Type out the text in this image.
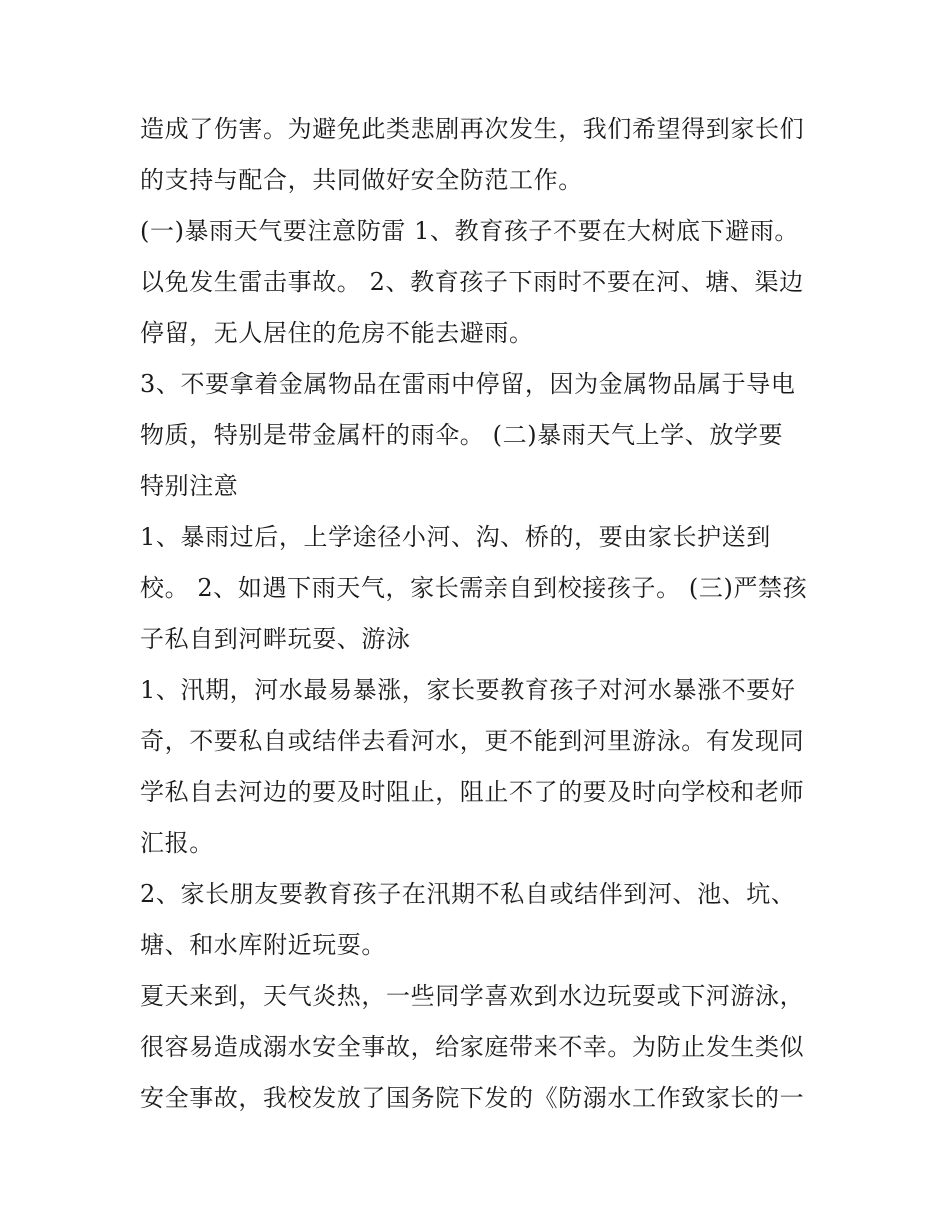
造成了伤害。为避免此类悲剧再次发生，我们希望得到家长们
的支持与配合，共同做好安全防范工作。
(一)暴雨天气要注意防雷 1、教育孩子不要在大树底下避雨。
以免发生雷击事故。 2、教育孩子下雨时不要在河、塘、渠边
停留，无人居住的危房不能去避雨。
3、不要拿着金属物品在雷雨中停留，因为金属物品属于导电
物质，特别是带金属杆的雨伞。 (二)暴雨天气上学、放学要
特别注意
1、暴雨过后，上学途径小河、沟、桥的，要由家长护送到
校。 2、如遇下雨天气，家长需亲自到校接孩子。 (三)严禁孩
子私自到河畔玩耍、游泳
1、汛期，河水最易暴涨，家长要教育孩子对河水暴涨不要好
奇，不要私自或结伴去看河水，更不能到河里游泳。有发现同
学私自去河边的要及时阻止，阻止不了的要及时向学校和老师
汇报。
2、家长朋友要教育孩子在汛期不私自或结伴到河、池、坑、
塘、和水库附近玩耍。
夏天来到，天气炎热，一些同学喜欢到水边玩耍或下河游泳，
很容易造成溺水安全事故，给家庭带来不幸。为防止发生类似
安全事故，我校发放了国务院下发的《防溺水工作致家长的一
